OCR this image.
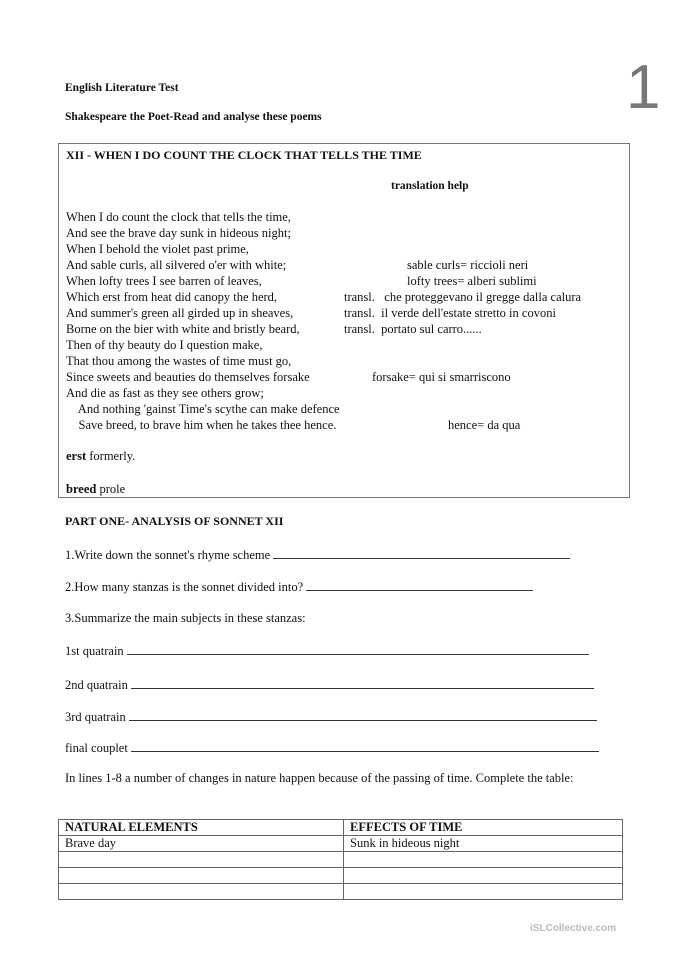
English Literature Test
Shakespeare the Poet-Read and analyse these poems	1
XII - WHEN I DO COUNT THE CLOCK THAT TELLS THE TIME
translation help
When I do count the clock that tells the time,
And see the brave day sunk in hideous night;
When I behold the violet past prime,
And sable curls, all silvered o'er with white;	sable curls= riccioli neri
When lofty trees I see barren of leaves,	lofty trees= alberi sublimi
Which erst from heat did canopy the herd,	transl.   che proteggevano il gregge dalla calura
And summer's green all girded up in sheaves,	transl.  il verde dell'estate stretto in covoni
Borne on the bier with white and bristly beard,	transl.  portato sul carro......
Then of thy beauty do I question make,
That thou among the wastes of time must go,
Since sweets and beauties do themselves forsake	forsake= qui si smarriscono
And die as fast as they see others grow;
And nothing 'gainst Time's scythe can make defence
Save breed, to brave him when he takes thee hence.	hence= da qua
erst formerly.
breed prole
PART ONE- ANALYSIS OF SONNET XII
1.Write down the sonnet's rhyme scheme
2.How many stanzas is the sonnet divided into?
3.Summarize the main subjects in these stanzas:
1st quatrain
2nd quatrain
3rd quatrain
final couplet
In lines 1-8 a number of changes in nature happen because of the passing of time. Complete the table:
NATURAL ELEMENTS	EFFECTS OF TIME
Brave day	Sunk in hideous night

iSLCollective.com
